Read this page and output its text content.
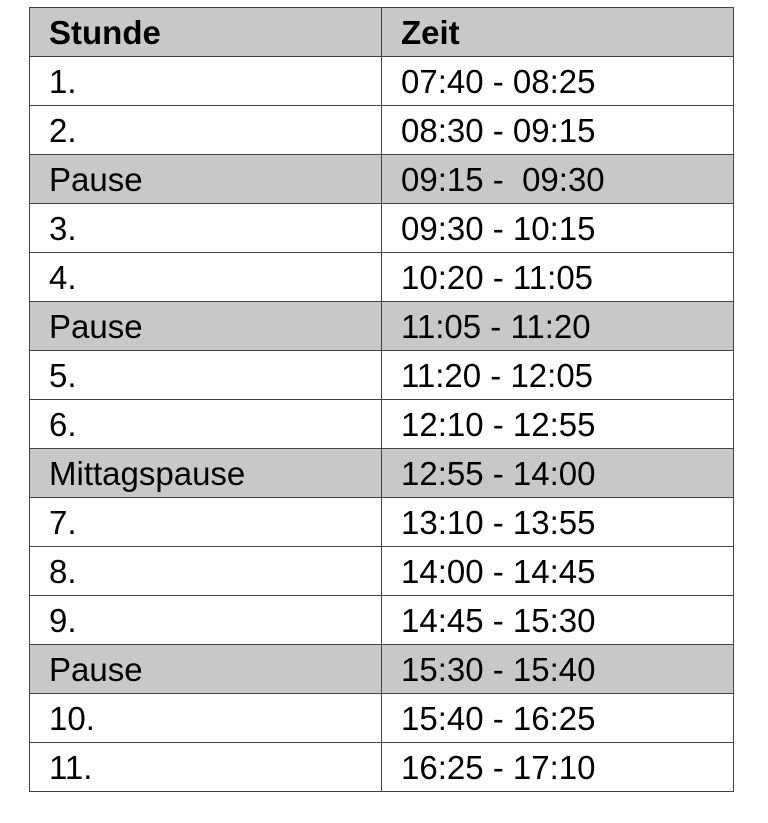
Stunde	Zeit
1.	07:40 - 08:25
2.	08:30 - 09:15
Pause	09:15 -  09:30
3.	09:30 - 10:15
4.	10:20 - 11:05
Pause	11:05 - 11:20
5.	11:20 - 12:05
6.	12:10 - 12:55
Mittagspause	12:55 - 14:00
7.	13:10 - 13:55
8.	14:00 - 14:45
9.	14:45 - 15:30
Pause	15:30 - 15:40
10.	15:40 - 16:25
11.	16:25 - 17:10
